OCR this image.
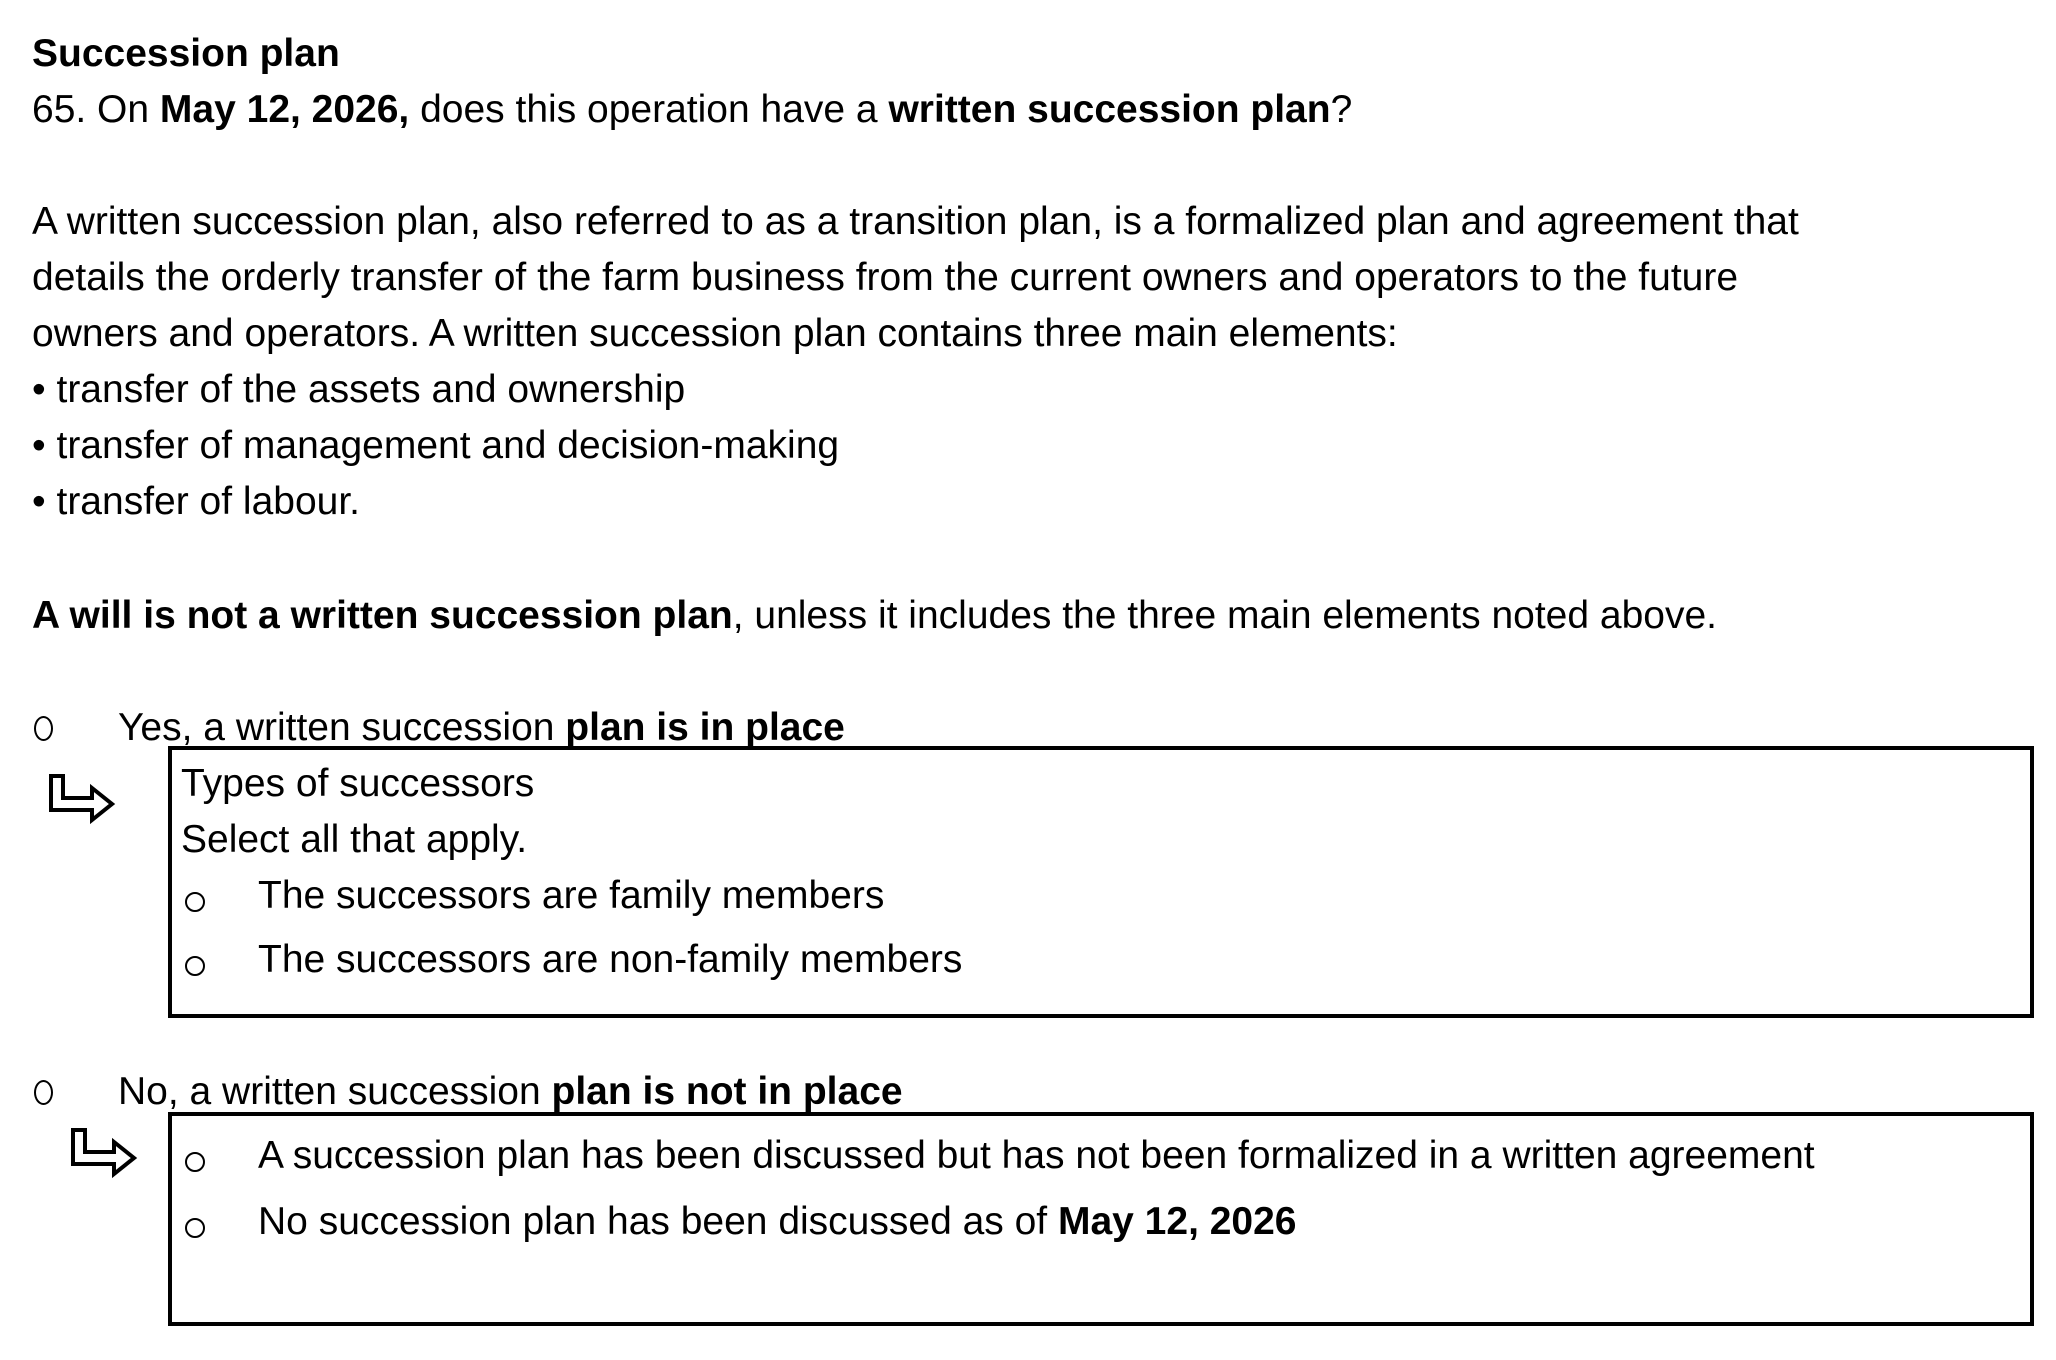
Succession plan
65. On May 12, 2026, does this operation have a written succession plan?
A written succession plan, also referred to as a transition plan, is a formalized plan and agreement that
details the orderly transfer of the farm business from the current owners and operators to the future
owners and operators. A written succession plan contains three main elements:
• transfer of the assets and ownership
• transfer of management and decision-making
• transfer of labour.
A will is not a written succession plan, unless it includes the three main elements noted above.
Yes, a written succession plan is in place
Types of successors
Select all that apply.
The successors are family members
The successors are non-family members
No, a written succession plan is not in place
A succession plan has been discussed but has not been formalized in a written agreement
No succession plan has been discussed as of May 12, 2026
